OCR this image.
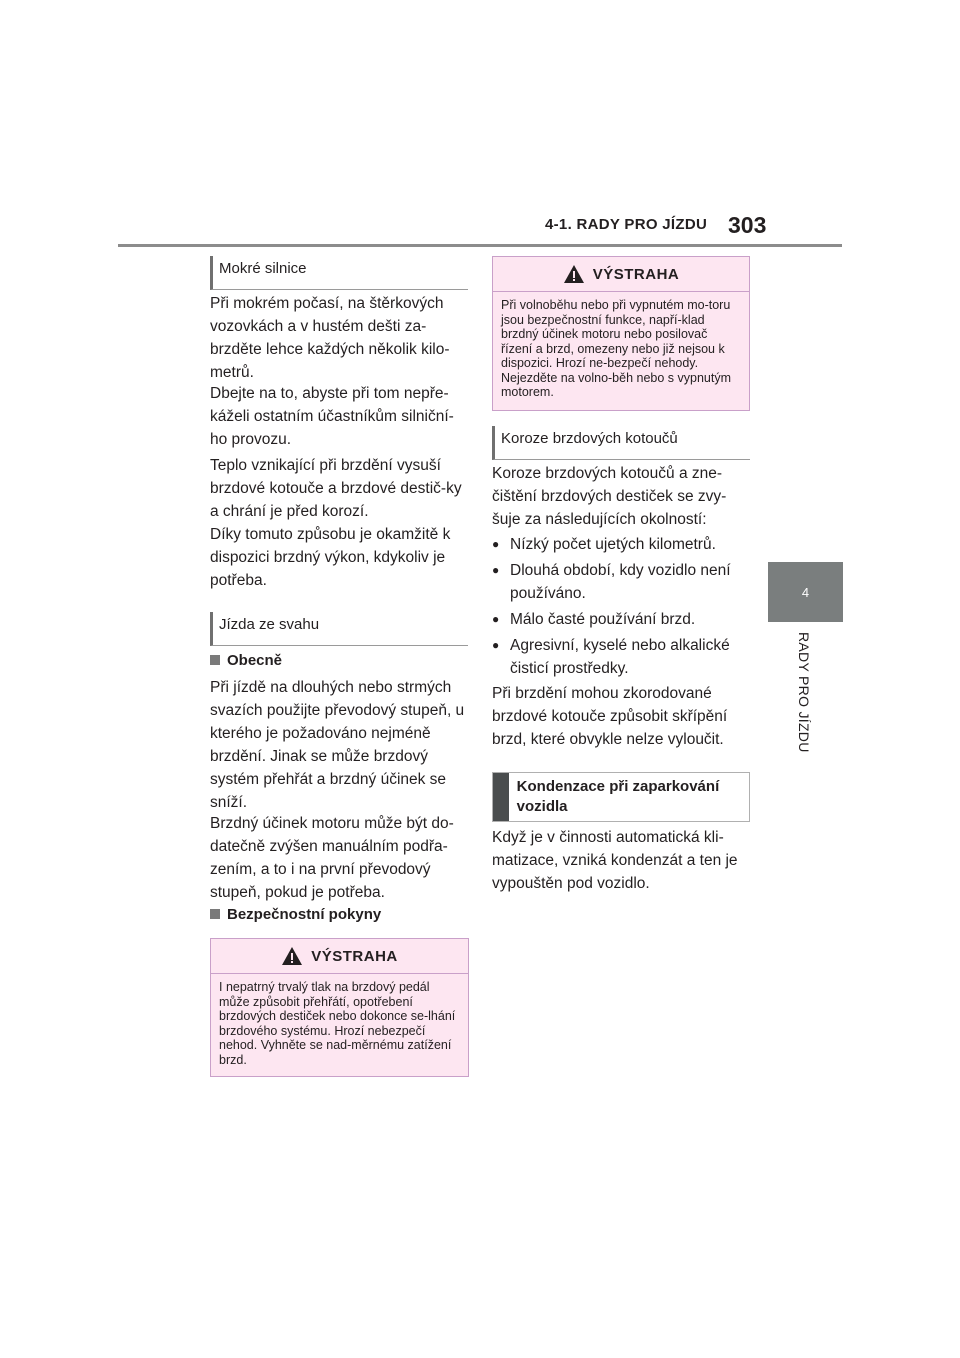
4-1. RADY PRO JÍZDU 303
4
RADY PRO JÍZDU
Mokré silnice

Při mokrém počasí, na štěrkových vozovkách a v hustém dešti za-brzděte lehce každých několik kilo-metrů.

Dbejte na to, abyste při tom nepře-káželi ostatním účastníkům silniční-ho provozu.

Teplo vznikající při brzdění vysuší brzdové kotouče a brzdové destič-ky a chrání je před korozí.

Díky tomuto způsobu je okamžitě k dispozici brzdný výkon, kdykoliv je potřeba.

Jízda ze svahu
Obecně

Při jízdě na dlouhých nebo strmých svazích použijte převodový stupeň, u kterého je požadováno nejméně brzdění. Jinak se může brzdový systém přehřát a brzdný účinek se sníží.

Brzdný účinek motoru může být do-datečně zvýšen manuálním podřa-zením, a to i na první převodový stupeň, pokud je potřeba.

Bezpečnostní pokyny
VÝSTRAHA
I nepatrný trvalý tlak na brzdový pedál může způsobit přehřátí, opotřebení brzdových destiček nebo dokonce se-lhání brzdového systému. Hrozí nebezpečí nehod. Vyhněte se nad-měrnému zatížení brzd.
VÝSTRAHA
Při volnoběhu nebo při vypnutém mo-toru jsou bezpečnostní funkce, napří-klad brzdný účinek motoru nebo posilovač řízení a brzd, omezeny nebo již nejsou k dispozici. Hrozí ne-bezpečí nehody. Nejezděte na volno-běh nebo s vypnutým motorem.
Koroze brzdových kotoučů

Koroze brzdových kotoučů a zne-čištění brzdových destiček se zvy-šuje za následujících okolností:

● Nízký počet ujetých kilometrů.
● Dlouhá období, kdy vozidlo není používáno.
● Málo časté používání brzd.
● Agresivní, kyselé nebo alkalické čisticí prostředky.

Při brzdění mohou zkorodované brzdové kotouče způsobit skřípění brzd, které obvykle nelze vyloučit.

Kondenzace při zaparkování vozidla

Když je v činnosti automatická kli-matizace, vzniká kondenzát a ten je vypouštěn pod vozidlo.
